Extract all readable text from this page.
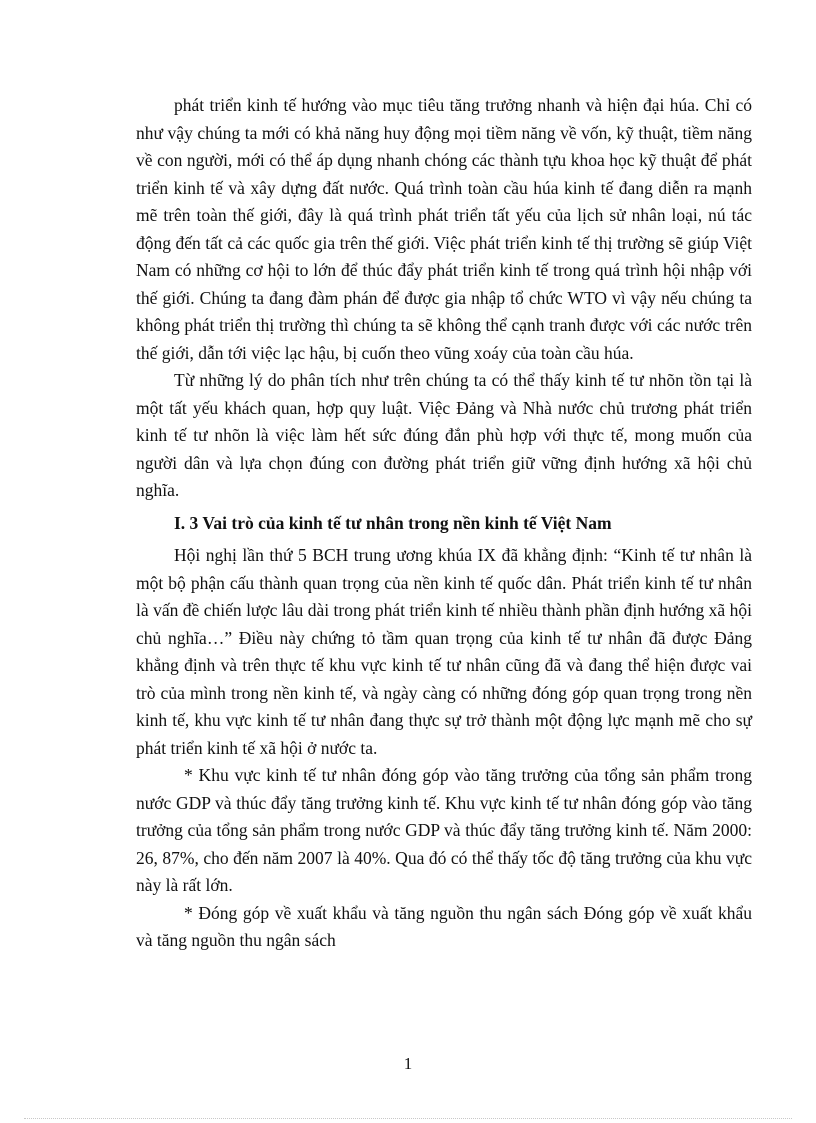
phát triển kinh tế hướng vào mục tiêu tăng trưởng nhanh và hiện đại húa. Chỉ có như vậy chúng ta mới có khả năng huy động mọi tiềm năng về vốn, kỹ thuật, tiềm năng về con người, mới có thể áp dụng nhanh chóng các thành tựu khoa học kỹ thuật để phát triển kinh tế và xây dựng đất nước. Quá trình toàn cầu húa kinh tế đang diễn ra mạnh mẽ trên toàn thế giới, đây là quá trình phát triển tất yếu của lịch sử nhân loại, nú tác động đến tất cả các quốc gia trên thế giới. Việc phát triển kinh tế thị trường sẽ giúp Việt Nam có những cơ hội to lớn để thúc đẩy phát triển kinh tế trong quá trình hội nhập với thế giới. Chúng ta đang đàm phán để được gia nhập tổ chức WTO vì vậy nếu chúng ta không phát triển thị trường thì chúng ta sẽ không thể cạnh tranh được với các nước trên thế giới, dẫn tới việc lạc hậu, bị cuốn theo vũng xoáy của toàn cầu húa.

Từ những lý do phân tích như trên chúng ta có thể thấy kinh tế tư nhõn tồn tại là một tất yếu khách quan, hợp quy luật. Việc Đảng và Nhà nước chủ trương phát triển kinh tế tư nhõn là việc làm hết sức đúng đắn phù hợp với thực tế, mong muốn của người dân và lựa chọn đúng con đường phát triển giữ vững định hướng xã hội chủ nghĩa.

I. 3 Vai trò của kinh tế tư nhân trong nền kinh tế Việt Nam

Hội nghị lần thứ 5 BCH trung ương khúa IX đã khẳng định: “Kinh tế tư nhân là một bộ phận cấu thành quan trọng của nền kinh tế quốc dân. Phát triển kinh tế tư nhân là vấn đề chiến lược lâu dài trong phát triển kinh tế nhiều thành phần định hướng xã hội chủ nghĩa…” Điều này chứng tỏ tầm quan trọng của kinh tế tư nhân đã được Đảng khẳng định và trên thực tế khu vực kinh tế tư nhân cũng đã và đang thể hiện được vai trò của mình trong nền kinh tế, và ngày càng có những đóng góp quan trọng trong nền kinh tế, khu vực kinh tế tư nhân đang thực sự trở thành một động lực mạnh mẽ cho sự phát triển kinh tế xã hội ở nước ta.

* Khu vực kinh tế tư nhân đóng góp vào tăng trưởng của tổng sản phẩm trong nước GDP và thúc đẩy tăng trưởng kinh tế. Khu vực kinh tế tư nhân đóng góp vào tăng trưởng của tổng sản phẩm trong nước GDP và thúc đẩy tăng trưởng kinh tế. Năm 2000: 26, 87%, cho đến năm 2007 là 40%. Qua đó có thể thấy tốc độ tăng trưởng của khu vực này là rất lớn.

* Đóng góp về xuất khẩu và tăng nguồn thu ngân sách Đóng góp về xuất khẩu và tăng nguồn thu ngân sách

1
